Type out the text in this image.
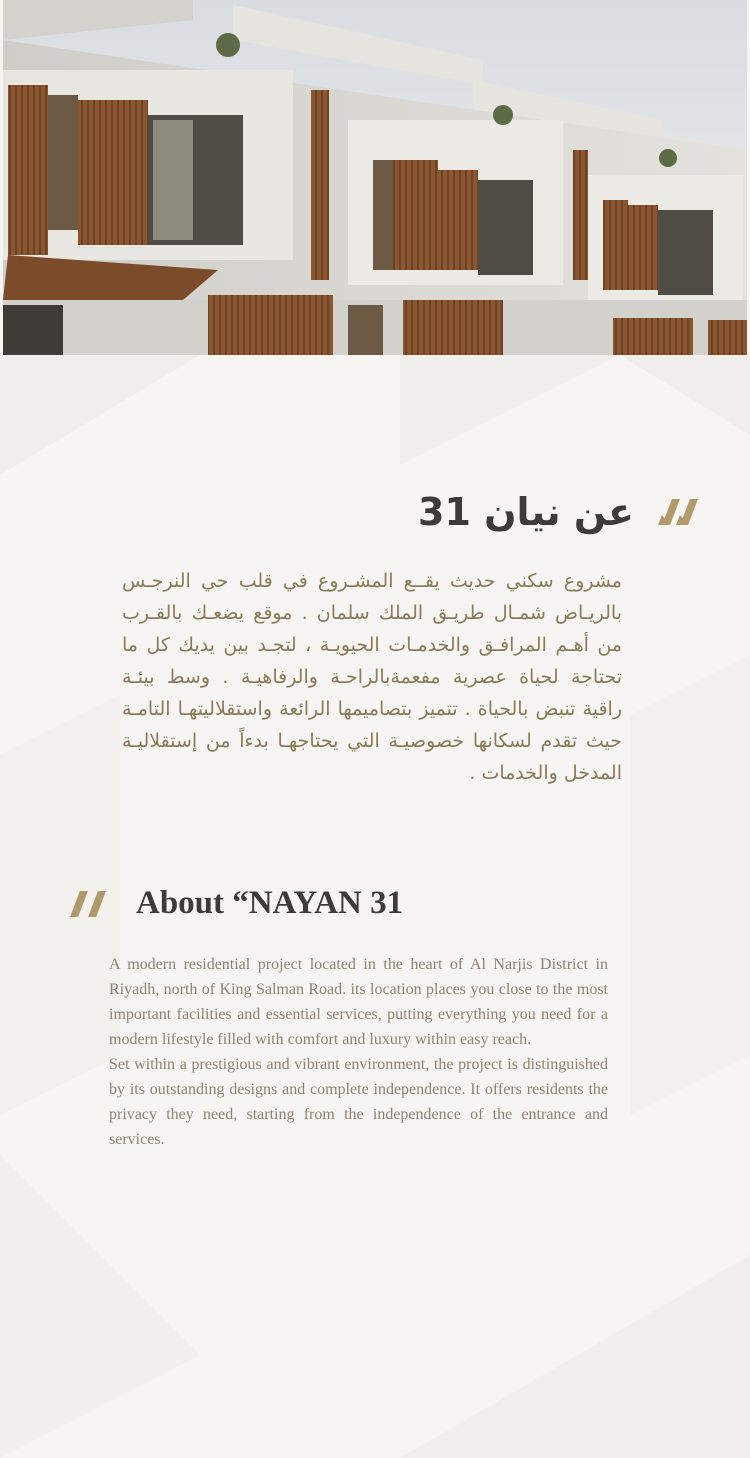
عن نيان 31
مشروع سكني حديث يقــع المشـروع في قلب حي النرجـس بالريـاض شمـال طريـق الملك سلمان . موقع يضعـك بالقـرب من أهـم المرافـق والخدمـات الحيويـة ، لتجـد بين يديك كل ما تحتاجة لحياة عصرية مفعمةبالراحـة والرفاهيـة . وسط بيئـة راقية تنبض بالحياة . تتميز بتصاميمها الرائعة واستقلاليتهـا التامـة حيث تقدم لسكانها خصوصيـة التي يحتاجهـا بدءاً من إستقلاليـة المدخل والخدمات .
About “NAYAN 31

A modern residential project located in the heart of Al Narjis District in Riyadh, north of King Salman Road. its location places you close to the most important facilities and essential services, putting everything you need for a modern lifestyle filled with comfort and luxury within easy reach.

Set within a prestigious and vibrant environment, the project is distinguished by its outstanding designs and complete independence. It offers residents the privacy they need, starting from the independence of the entrance and services.
